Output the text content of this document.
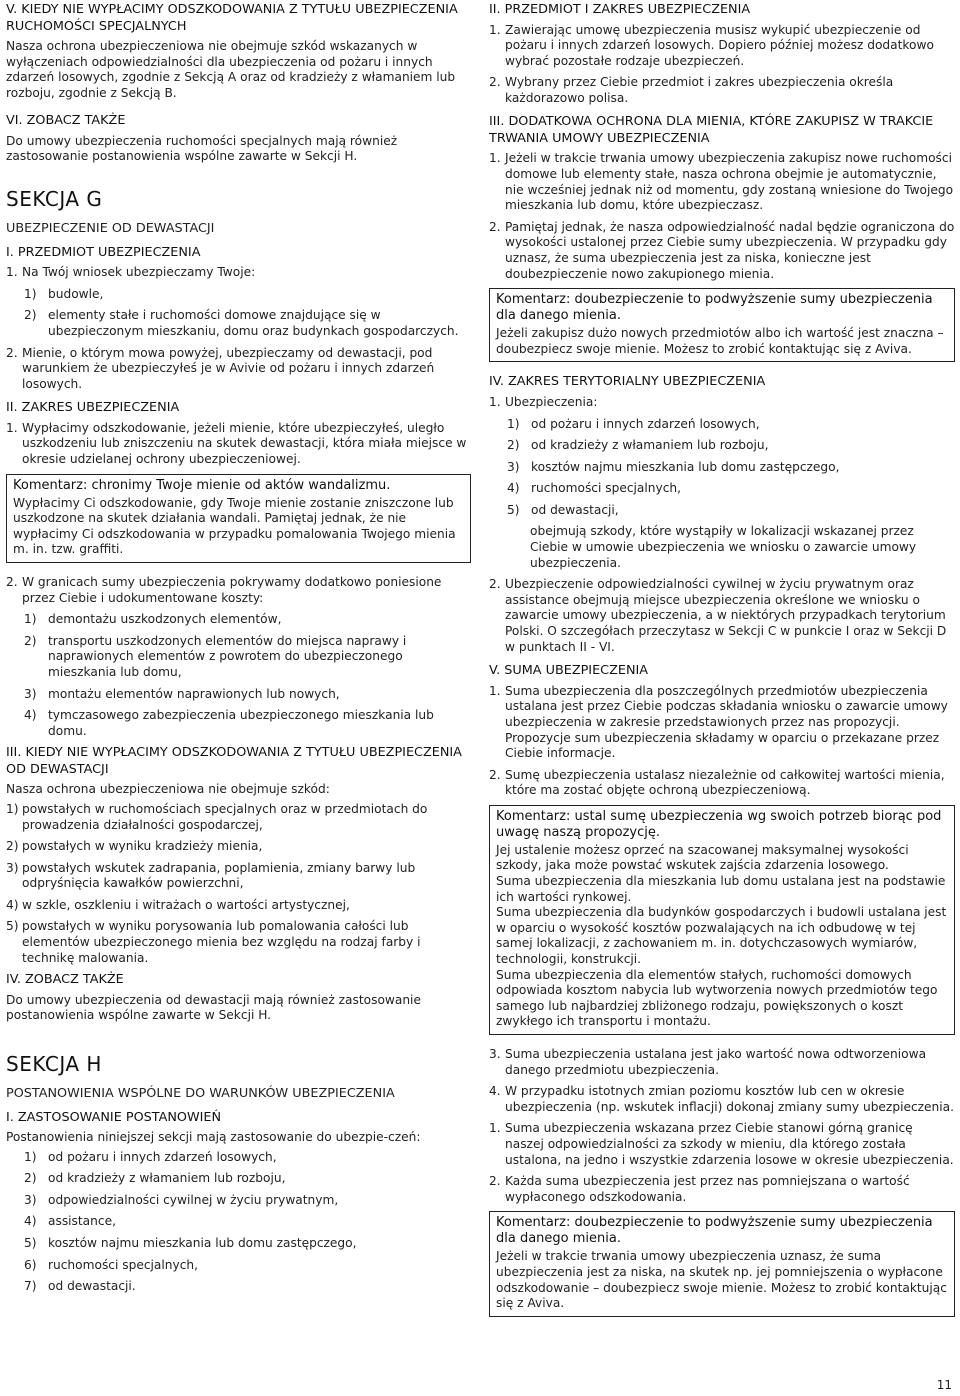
V. KIEDY NIE WYPŁACIMY ODSZKODOWANIA Z TYTUŁU UBEZPIECZENIA RUCHOMOŚCI SPECJALNYCH

Nasza ochrona ubezpieczeniowa nie obejmuje szkód wskazanych w wyłączeniach odpowiedzialności dla ubezpieczenia od pożaru i innych zdarzeń losowych, zgodnie z Sekcją A oraz od kradzieży z włamaniem lub rozboju, zgodnie z Sekcją B.

VI. ZOBACZ TAKŻE

Do umowy ubezpieczenia ruchomości specjalnych mają również zastosowanie postanowienia wspólne zawarte w Sekcji H.

SEKCJA G
UBEZPIECZENIE OD DEWASTACJI
I. PRZEDMIOT UBEZPIECZENIA
1. Na Twój wniosek ubezpieczamy Twoje:
1) budowle,
2) elementy stałe i ruchomości domowe znajdujące się w ubezpieczonym mieszkaniu, domu oraz budynkach gospodarczych.
2. Mienie, o którym mowa powyżej, ubezpieczamy od dewastacji, pod warunkiem że ubezpieczyłeś je w Avivie od pożaru i innych zdarzeń losowych.
II. ZAKRES UBEZPIECZENIA
1. Wypłacimy odszkodowanie, jeżeli mienie, które ubezpieczyłeś, uległo uszkodzeniu lub zniszczeniu na skutek dewastacji, która miała miejsce w okresie udzielanej ochrony ubezpieczeniowej.
Komentarz: chronimy Twoje mienie od aktów wandalizmu.

Wypłacimy Ci odszkodowanie, gdy Twoje mienie zostanie zniszczone lub uszkodzone na skutek działania wandali. Pamiętaj jednak, że nie wypłacimy Ci odszkodowania w przypadku pomalowania Twojego mienia m. in. tzw. graffiti.

2. W granicach sumy ubezpieczenia pokrywamy dodatkowo poniesione przez Ciebie i udokumentowane koszty:
1) demontażu uszkodzonych elementów,
2) transportu uszkodzonych elementów do miejsca naprawy i naprawionych elementów z powrotem do ubezpieczonego mieszkania lub domu,
3) montażu elementów naprawionych lub nowych,
4) tymczasowego zabezpieczenia ubezpieczonego mieszkania lub domu.
III. KIEDY NIE WYPŁACIMY ODSZKODOWANIA Z TYTUŁU UBEZPIECZENIA OD DEWASTACJI

Nasza ochrona ubezpieczeniowa nie obejmuje szkód:

1) powstałych w ruchomościach specjalnych oraz w przedmiotach do prowadzenia działalności gospodarczej,
2) powstałych w wyniku kradzieży mienia,
3) powstałych wskutek zadrapania, poplamienia, zmiany barwy lub odpryśnięcia kawałków powierzchni,
4) w szkle, oszkleniu i witrażach o wartości artystycznej,
5) powstałych w wyniku porysowania lub pomalowania całości lub elementów ubezpieczonego mienia bez względu na rodzaj farby i technikę malowania.
IV. ZOBACZ TAKŻE

Do umowy ubezpieczenia od dewastacji mają również zastosowanie postanowienia wspólne zawarte w Sekcji H.

SEKCJA H
POSTANOWIENIA WSPÓLNE DO WARUNKÓW UBEZPIECZENIA
I. ZASTOSOWANIE POSTANOWIEŃ

Postanowienia niniejszej sekcji mają zastosowanie do ubezpie-czeń:

1) od pożaru i innych zdarzeń losowych,
2) od kradzieży z włamaniem lub rozboju,
3) odpowiedzialności cywilnej w życiu prywatnym,
4) assistance,
5) kosztów najmu mieszkania lub domu zastępczego,
6) ruchomości specjalnych,
7) od dewastacji.
II. PRZEDMIOT I ZAKRES UBEZPIECZENIA
1. Zawierając umowę ubezpieczenia musisz wykupić ubezpieczenie od pożaru i innych zdarzeń losowych. Dopiero później możesz dodatkowo wybrać pozostałe rodzaje ubezpieczeń.
2. Wybrany przez Ciebie przedmiot i zakres ubezpieczenia określa każdorazowo polisa.
III. DODATKOWA OCHRONA DLA MIENIA, KTÓRE ZAKUPISZ W TRAKCIE TRWANIA UMOWY UBEZPIECZENIA
1. Jeżeli w trakcie trwania umowy ubezpieczenia zakupisz nowe ruchomości domowe lub elementy stałe, nasza ochrona obejmie je automatycznie, nie wcześniej jednak niż od momentu, gdy zostaną wniesione do Twojego mieszkania lub domu, które ubezpieczasz.
2. Pamiętaj jednak, że nasza odpowiedzialność nadal będzie ograniczona do wysokości ustalonej przez Ciebie sumy ubezpieczenia. W przypadku gdy uznasz, że suma ubezpieczenia jest za niska, konieczne jest doubezpieczenie nowo zakupionego mienia.
Komentarz: doubezpieczenie to podwyższenie sumy ubezpieczenia dla danego mienia.

Jeżeli zakupisz dużo nowych przedmiotów albo ich wartość jest znaczna – doubezpiecz swoje mienie. Możesz to zrobić kontaktując się z Aviva.

IV. ZAKRES TERYTORIALNY UBEZPIECZENIA
1. Ubezpieczenia:
1) od pożaru i innych zdarzeń losowych,
2) od kradzieży z włamaniem lub rozboju,
3) kosztów najmu mieszkania lub domu zastępczego,
4) ruchomości specjalnych,
5) od dewastacji,
obejmują szkody, które wystąpiły w lokalizacji wskazanej przez Ciebie w umowie ubezpieczenia we wniosku o zawarcie umowy ubezpieczenia.
2. Ubezpieczenie odpowiedzialności cywilnej w życiu prywatnym oraz assistance obejmują miejsce ubezpieczenia określone we wniosku o zawarcie umowy ubezpieczenia, a w niektórych przypadkach terytorium Polski. O szczegółach przeczytasz w Sekcji C w punkcie I oraz w Sekcji D w punktach II - VI.
V. SUMA UBEZPIECZENIA
1. Suma ubezpieczenia dla poszczególnych przedmiotów ubezpieczenia ustalana jest przez Ciebie podczas składania wniosku o zawarcie umowy ubezpieczenia w zakresie przedstawionych przez nas propozycji. Propozycje sum ubezpieczenia składamy w oparciu o przekazane przez Ciebie informacje.
2. Sumę ubezpieczenia ustalasz niezależnie od całkowitej wartości mienia, które ma zostać objęte ochroną ubezpieczeniową.
Komentarz: ustal sumę ubezpieczenia wg swoich potrzeb biorąc pod uwagę naszą propozycję.

Jej ustalenie możesz oprzeć na szacowanej maksymalnej wysokości szkody, jaka może powstać wskutek zajścia zdarzenia losowego.

Suma ubezpieczenia dla mieszkania lub domu ustalana jest na podstawie ich wartości rynkowej.

Suma ubezpieczenia dla budynków gospodarczych i budowli ustalana jest w oparciu o wysokość kosztów pozwalających na ich odbudowę w tej samej lokalizacji, z zachowaniem m. in. dotychczasowych wymiarów, technologii, konstrukcji.

Suma ubezpieczenia dla elementów stałych, ruchomości domowych odpowiada kosztom nabycia lub wytworzenia nowych przedmiotów tego samego lub najbardziej zbliżonego rodzaju, powiększonych o koszt zwykłego ich transportu i montażu.

3. Suma ubezpieczenia ustalana jest jako wartość nowa odtworzeniowa danego przedmiotu ubezpieczenia.
4. W przypadku istotnych zmian poziomu kosztów lub cen w okresie ubezpieczenia (np. wskutek inflacji) dokonaj zmiany sumy ubezpieczenia.
1. Suma ubezpieczenia wskazana przez Ciebie stanowi górną granicę naszej odpowiedzialności za szkody w mieniu, dla którego została ustalona, na jedno i wszystkie zdarzenia losowe w okresie ubezpieczenia.
2. Każda suma ubezpieczenia jest przez nas pomniejszana o wartość wypłaconego odszkodowania.
Komentarz: doubezpieczenie to podwyższenie sumy ubezpieczenia dla danego mienia.

Jeżeli w trakcie trwania umowy ubezpieczenia uznasz, że suma ubezpieczenia jest za niska, na skutek np. jej pomniejszenia o wypłacone odszkodowanie – doubezpiecz swoje mienie. Możesz to zrobić kontaktując się z Aviva.

11
